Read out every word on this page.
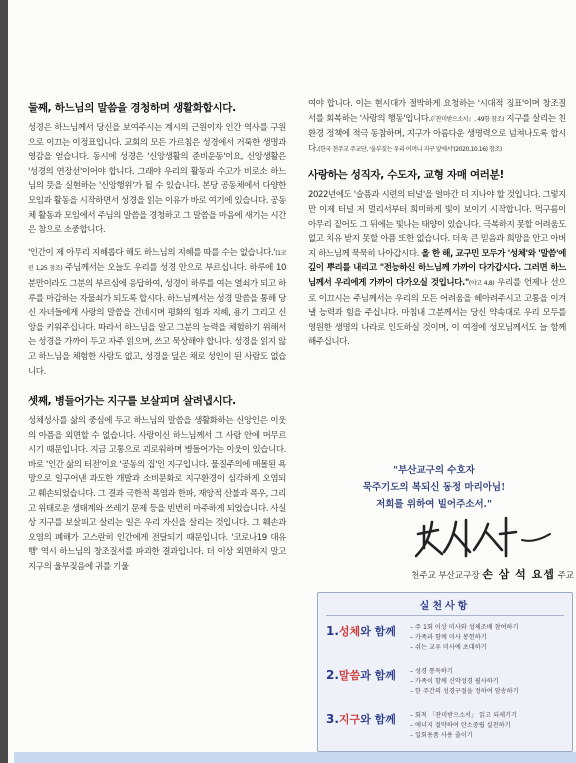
둘째, 하느님의 말씀을 경청하며 생활화합시다.

성경은 하느님께서 당신을 보여주시는 계시의 근원이자 인간 역사를 구원으로 이끄는 이정표입니다. 교회의 모든 가르침은 성경에서 거룩한 생명과 영감을 얻습니다. 동시에 성경은 '신앙생활의 준비운동'이요, 신앙생활은 '성경의 연장선'이어야 합니다. 그래야 우리의 활동과 수고가 비로소 하느님의 뜻을 실현하는 '신앙행위'가 될 수 있습니다. 본당 공동체에서 다양한 모임과 활동을 시작하면서 성경을 읽는 이유가 바로 여기에 있습니다. 공동체 활동과 모임에서 주님의 말씀을 경청하고 그 말씀을 마음에 새기는 시간은 참으로 소중합니다.

'인간이 제 아무리 지혜롭다 해도 하느님의 지혜를 따를 수는 없습니다.'(1코린 1,25 참조) 주님께서는 오늘도 우리를 성경 안으로 부르십니다. 하루에 10분만이라도 그분의 부르심에 응답하여, 성경이 하루를 여는 열쇠가 되고 하루를 마감하는 자물쇠가 되도록 합시다. 하느님께서는 성경 말씀을 통해 당신 자녀들에게 사랑의 말씀을 건네시며 평화의 힘과 지혜, 용기 그리고 신앙을 키워주십니다. 따라서 하느님을 알고 그분의 능력을 체험하기 위해서는 성경을 가까이 두고 자주 읽으며, 쓰고 묵상해야 합니다. 성경을 읽지 않고 하느님을 체험한 사람도 없고, 성경을 덮은 채로 성인이 된 사람도 없습니다.

셋째, 병들어가는 지구를 보살피며 살려냅시다.

성체성사를 삶의 중심에 두고 하느님의 말씀을 생활화하는 신앙인은 이웃의 아픔을 외면할 수 없습니다. 사랑이신 하느님께서 그 사람 안에 머무르시기 때문입니다. 지금 고통으로 괴로워하며 병들어가는 이웃이 있습니다. 바로 '인간 삶의 터전'이요 '공동의 집'인 지구입니다. 물질주의에 매몰된 욕망으로 일구어낸 과도한 개발과 소비문화로 지구환경이 심각하게 오염되고 훼손되었습니다. 그 결과 극한적 폭염과 한파, 재앙적 산불과 폭우, 그리고 위태로운 생태계와 쓰레기 문제 등을 빈번히 마주하게 되었습니다. 사실상 지구를 보살피고 살리는 일은 우리 자신을 살리는 것입니다. 그 훼손과 오염의 폐해가 고스란히 인간에게 전달되기 때문입니다. '코로나19 대유행' 역시 하느님의 창조질서를 파괴한 결과입니다. 더 이상 외면하지 말고 지구의 울부짖음에 귀를 기울

여야 합니다. 이는 현시대가 절박하게 요청하는 '시대적 징표'이며 창조질서를 회복하는 '사랑의 행동'입니다.(『찬미받으소서』, 49항 참조) 지구를 살리는 친환경 정책에 적극 동참하며, 지구가 아름다운 생명력으로 넘쳐나도록 합시다.(한국 천주교 주교단, '울부짖는 우리 어머니 지구 앞에서'(2020.10.16) 참조)

사랑하는 성직자, 수도자, 교형 자매 여러분!

2022년에도 '슬픔과 시련의 터널'을 얼마간 더 지나야 할 것입니다. 그렇지만 이제 터널 저 멀리서부터 희미하게 빛이 보이기 시작합니다. 먹구름이 아무리 짙어도 그 뒤에는 빛나는 태양이 있습니다. 극복하지 못할 어려움도 없고 치유 받지 못할 아픔 또한 없습니다. 더욱 큰 믿음과 희망을 안고 아버지 하느님께 묵묵히 나아갑시다. 올 한 해, 교구민 모두가 '성체'와 '말씀'에 깊이 뿌리를 내리고 "전능하신 하느님께 가까이 다가갑시다. 그러면 하느님께서 우리에게 가까이 다가오실 것입니다."(야고 4,8) 우리를 언제나 선으로 이끄시는 주님께서는 우리의 모든 어려움을 헤아려주시고 고통을 이겨낼 능력과 힘을 주십니다. 마침내 그분께서는 당신 약속대로 우리 모두를 영원한 생명의 나라로 인도하실 것이며, 이 여정에 성모님께서도 늘 함께 해주십니다.

"부산교구의 수호자
묵주기도의 복되신 동정 마리아님!
저희를 위하여 빌어주소서."
천주교 부산교구장 손 삼 석 요셉 주교
실천사항
1.성체와 함께 – 주 1회 이상 미사와 성체조배 참여하기
– 가족과 함께 미사 봉헌하기
– 쉬는 교우 미사에 초대하기
2.말씀과 함께 – 성경 통독하기
– 가족이 함께 신약성경 필사하기
– 한 주간의 성경구절을 정하여 암송하기
3.지구와 함께 – 회칙 「찬미받으소서」 읽고 되새기기
– 에너지 절약하여 탄소중립 실천하기
– 일회용품 사용 줄이기
